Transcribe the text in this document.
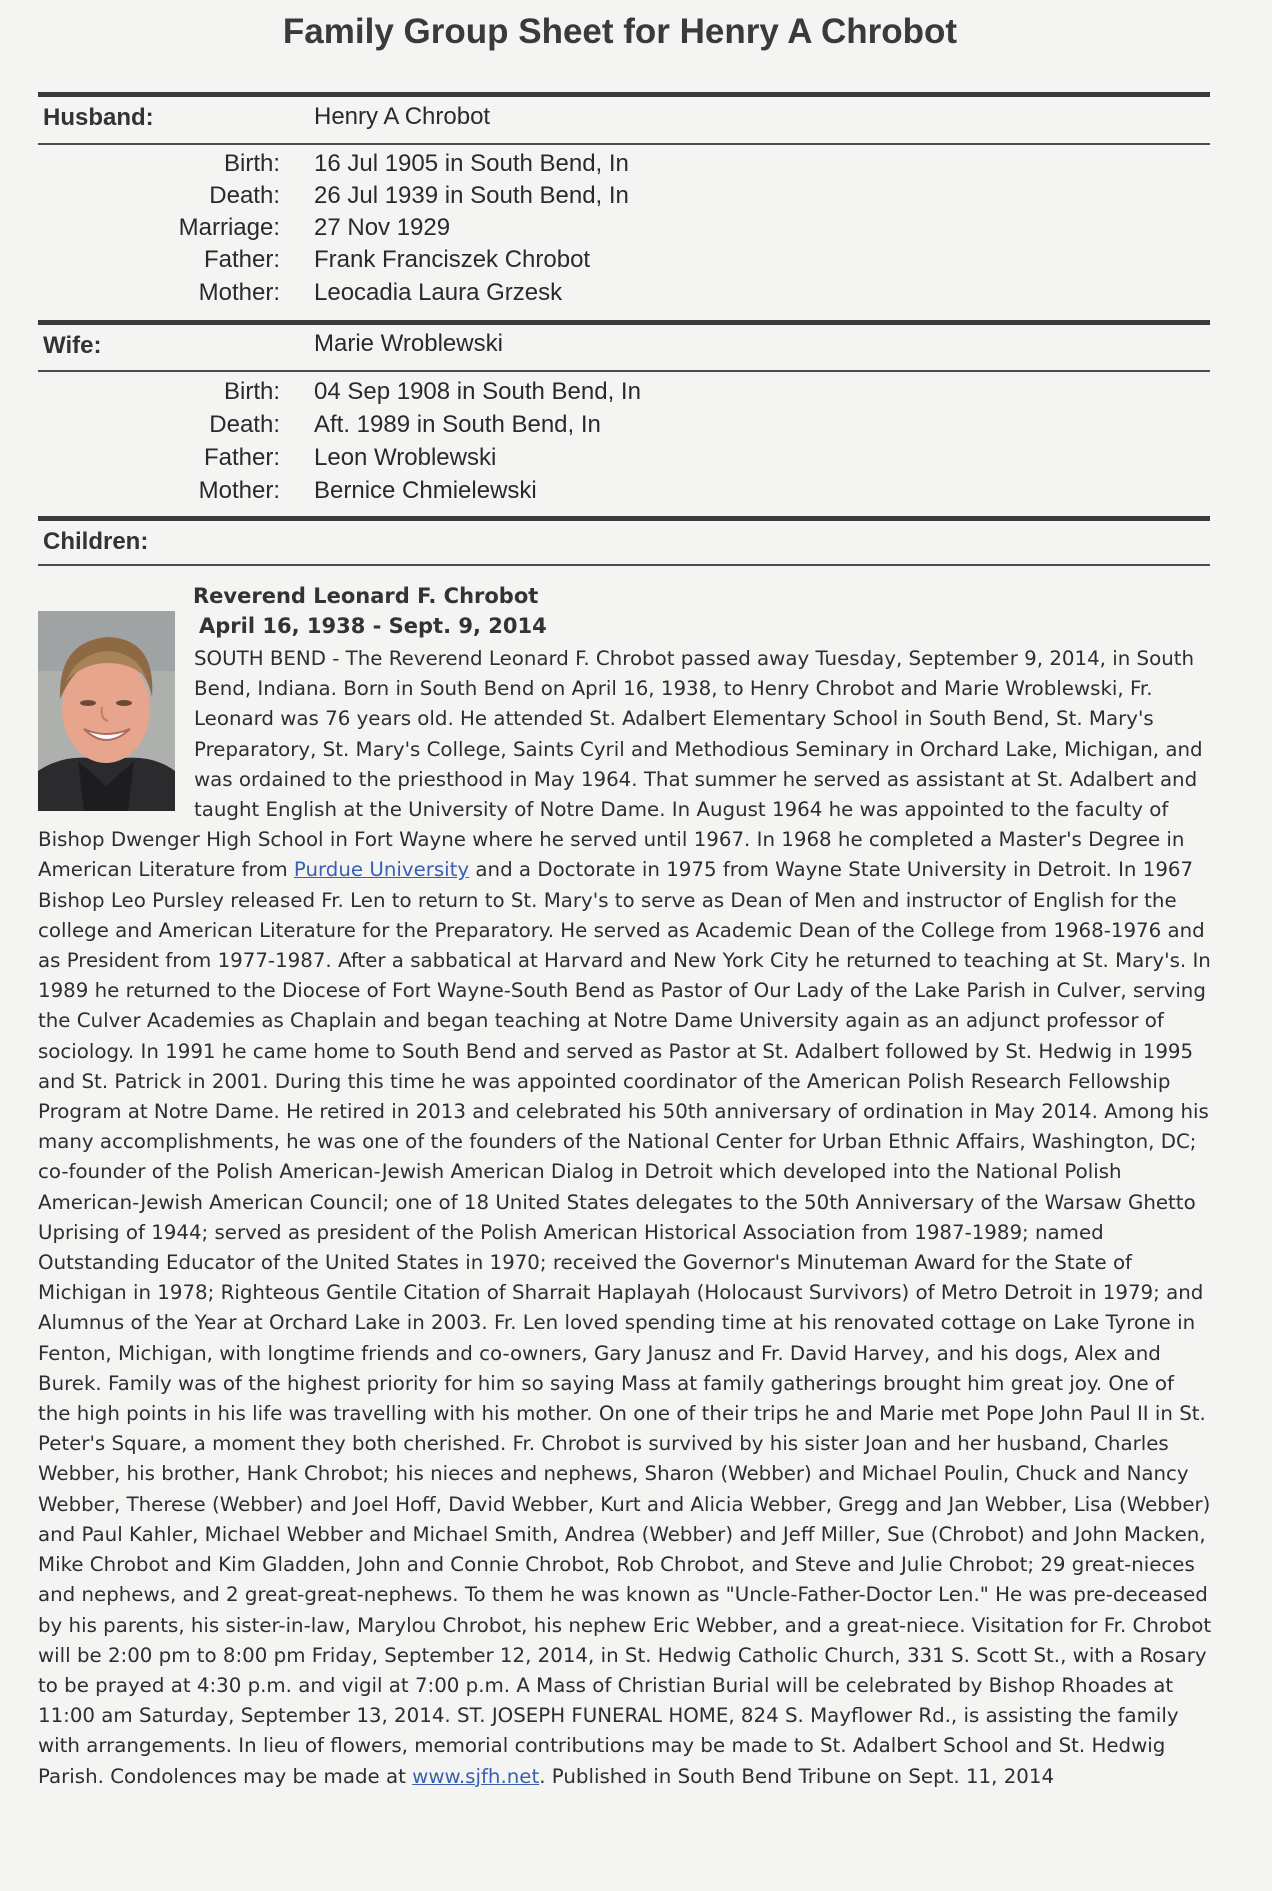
Family Group Sheet for Henry A Chrobot
Husband:	Henry A Chrobot
Birth: 16 Jul 1905 in South Bend, In
Death: 26 Jul 1939 in South Bend, In
Marriage: 27 Nov 1929
Father: Frank Franciszek Chrobot
Mother: Leocadia Laura Grzesk
Wife:	Marie Wroblewski
Birth: 04 Sep 1908 in South Bend, In
Death: Aft. 1989 in South Bend, In
Father: Leon Wroblewski
Mother: Bernice Chmielewski
Children:
Reverend Leonard F. Chrobot
April 16, 1938 - Sept. 9, 2014
SOUTH BEND - The Reverend Leonard F. Chrobot passed away Tuesday, September 9, 2014, in South Bend, Indiana. Born in South Bend on April 16, 1938, to Henry Chrobot and Marie Wroblewski, Fr. Leonard was 76 years old. He attended St. Adalbert Elementary School in South Bend, St. Mary's Preparatory, St. Mary's College, Saints Cyril and Methodious Seminary in Orchard Lake, Michigan, and was ordained to the priesthood in May 1964. That summer he served as assistant at St. Adalbert and taught English at the University of Notre Dame. In August 1964 he was appointed to the faculty of Bishop Dwenger High School in Fort Wayne where he served until 1967. In 1968 he completed a Master's Degree in American Literature from Purdue University and a Doctorate in 1975 from Wayne State University in Detroit. In 1967 Bishop Leo Pursley released Fr. Len to return to St. Mary's to serve as Dean of Men and instructor of English for the college and American Literature for the Preparatory. He served as Academic Dean of the College from 1968-1976 and as President from 1977-1987. After a sabbatical at Harvard and New York City he returned to teaching at St. Mary's. In 1989 he returned to the Diocese of Fort Wayne-South Bend as Pastor of Our Lady of the Lake Parish in Culver, serving the Culver Academies as Chaplain and began teaching at Notre Dame University again as an adjunct professor of sociology. In 1991 he came home to South Bend and served as Pastor at St. Adalbert followed by St. Hedwig in 1995 and St. Patrick in 2001. During this time he was appointed coordinator of the American Polish Research Fellowship Program at Notre Dame. He retired in 2013 and celebrated his 50th anniversary of ordination in May 2014. Among his many accomplishments, he was one of the founders of the National Center for Urban Ethnic Affairs, Washington, DC; co-founder of the Polish American-Jewish American Dialog in Detroit which developed into the National Polish American-Jewish American Council; one of 18 United States delegates to the 50th Anniversary of the Warsaw Ghetto Uprising of 1944; served as president of the Polish American Historical Association from 1987-1989; named Outstanding Educator of the United States in 1970; received the Governor's Minuteman Award for the State of Michigan in 1978; Righteous Gentile Citation of Sharrait Haplayah (Holocaust Survivors) of Metro Detroit in 1979; and Alumnus of the Year at Orchard Lake in 2003. Fr. Len loved spending time at his renovated cottage on Lake Tyrone in Fenton, Michigan, with longtime friends and co-owners, Gary Janusz and Fr. David Harvey, and his dogs, Alex and Burek. Family was of the highest priority for him so saying Mass at family gatherings brought him great joy. One of the high points in his life was travelling with his mother. On one of their trips he and Marie met Pope John Paul II in St. Peter's Square, a moment they both cherished. Fr. Chrobot is survived by his sister Joan and her husband, Charles Webber, his brother, Hank Chrobot; his nieces and nephews, Sharon (Webber) and Michael Poulin, Chuck and Nancy Webber, Therese (Webber) and Joel Hoff, David Webber, Kurt and Alicia Webber, Gregg and Jan Webber, Lisa (Webber) and Paul Kahler, Michael Webber and Michael Smith, Andrea (Webber) and Jeff Miller, Sue (Chrobot) and John Macken, Mike Chrobot and Kim Gladden, John and Connie Chrobot, Rob Chrobot, and Steve and Julie Chrobot; 29 great-nieces and nephews, and 2 great-great-nephews. To them he was known as "Uncle-Father-Doctor Len." He was pre-deceased by his parents, his sister-in-law, Marylou Chrobot, his nephew Eric Webber, and a great-niece. Visitation for Fr. Chrobot will be 2:00 pm to 8:00 pm Friday, September 12, 2014, in St. Hedwig Catholic Church, 331 S. Scott St., with a Rosary to be prayed at 4:30 p.m. and vigil at 7:00 p.m. A Mass of Christian Burial will be celebrated by Bishop Rhoades at 11:00 am Saturday, September 13, 2014. ST. JOSEPH FUNERAL HOME, 824 S. Mayflower Rd., is assisting the family with arrangements. In lieu of flowers, memorial contributions may be made to St. Adalbert School and St. Hedwig Parish. Condolences may be made at www.sjfh.net. Published in South Bend Tribune on Sept. 11, 2014
